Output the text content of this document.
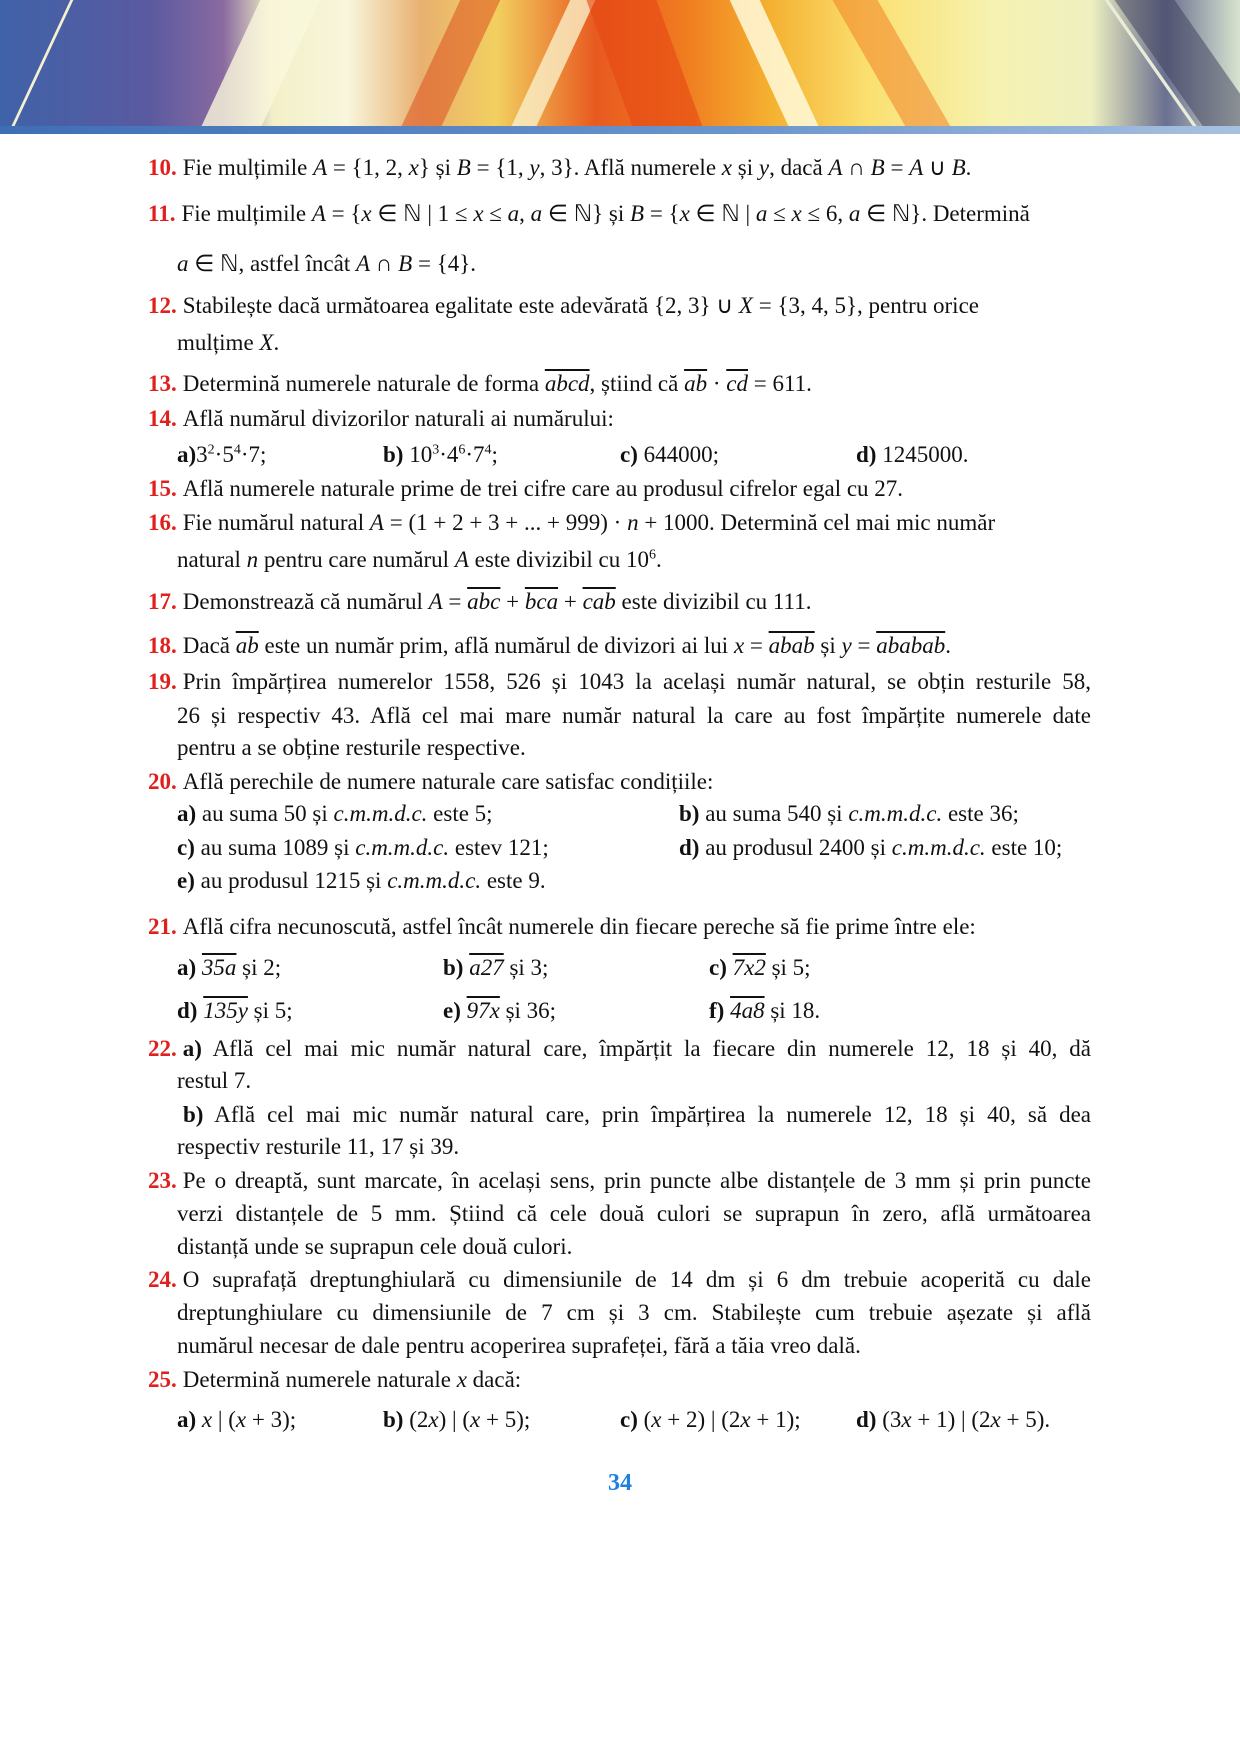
10. Fie mulțimile A = {1, 2, x} și B = {1, y, 3}. Află numerele x și y, dacă A ∩ B = A ∪ B.
11. Fie mulțimile A = {x ∈ ℕ | 1 ≤ x ≤ a, a ∈ ℕ} și B = {x ∈ ℕ | a ≤ x ≤ 6, a ∈ ℕ}. Determină
a ∈ ℕ, astfel încât A ∩ B = {4}.
12. Stabilește dacă următoarea egalitate este adevărată {2, 3} ∪ X = {3, 4, 5}, pentru orice
mulțime X.
13. Determină numerele naturale de forma abcd, știind că $\overline{ab} \cdot \overline{cd} = 611$.
14. Află numărul divizorilor naturali ai numărului:
$a)3^2\cdot 5^4\cdot 7$;	b) $10^3\cdot 4^6\cdot 7^4$;	c) 644000;	d) 1245000.
15. Află numerele naturale prime de trei cifre care au produsul cifrelor egal cu 27.
16. Fie numărul natural A = (1 + 2 + 3 + ... + 999) · n + 1000. Determină cel mai mic număr
natural n pentru care numărul A este divizibil cu $10^6$.
17. Demonstrează că numărul $A = \overline{abc} + \overline{bca} + \overline{cab}$ este divizibil cu 111.
18. Dacă $\overline{ab}$ este un număr prim, află numărul de divizori ai lui x = abab și y = ababab.
19. Prin împărțirea numerelor 1558, 526 și 1043 la același număr natural, se obțin resturile 58,
26 și respectiv 43. Află cel mai mare număr natural la care au fost împărțite numerele date
pentru a se obține resturile respective.
20. Află perechile de numere naturale care satisfac condițiile:
a) au suma 50 și c.m.m.d.c. este 5;	b) au suma 540 și c.m.m.d.c. este 36;
c) au suma 1089 și c.m.m.d.c. estev 121;	d) au produsul 2400 și c.m.m.d.c. este 10;
e) au produsul 1215 și c.m.m.d.c. este 9.
21. Află cifra necunoscută, astfel încât numerele din fiecare pereche să fie prime între ele:
a) 35a și 2;	b) a27 și 3;	c) 7x2 și 5;
d) 135y și 5;	e) 97x și 36;	f) 4a8 și 18.
22. a) Află cel mai mic număr natural care, împărțit la fiecare din numerele 12, 18 și 40, dă
restul 7.
b) Află cel mai mic număr natural care, prin împărțirea la numerele 12, 18 și 40, să dea
respectiv resturile 11, 17 și 39.
23. Pe o dreaptă, sunt marcate, în același sens, prin puncte albe distanțele de 3 mm și prin puncte
verzi distanțele de 5 mm. Știind că cele două culori se suprapun în zero, află următoarea
distanță unde se suprapun cele două culori.
24. O suprafață dreptunghiulară cu dimensiunile de 14 dm și 6 dm trebuie acoperită cu dale
dreptunghiulare cu dimensiunile de 7 cm și 3 cm. Stabilește cum trebuie așezate și află
numărul necesar de dale pentru acoperirea suprafeței, fără a tăia vreo dală.
25. Determină numerele naturale x dacă:
a) x | (x + 3);	b) (2x) | (x + 5);	c) (x + 2) | (2x + 1); d) (3x + 1) | (2x + 5).
34
